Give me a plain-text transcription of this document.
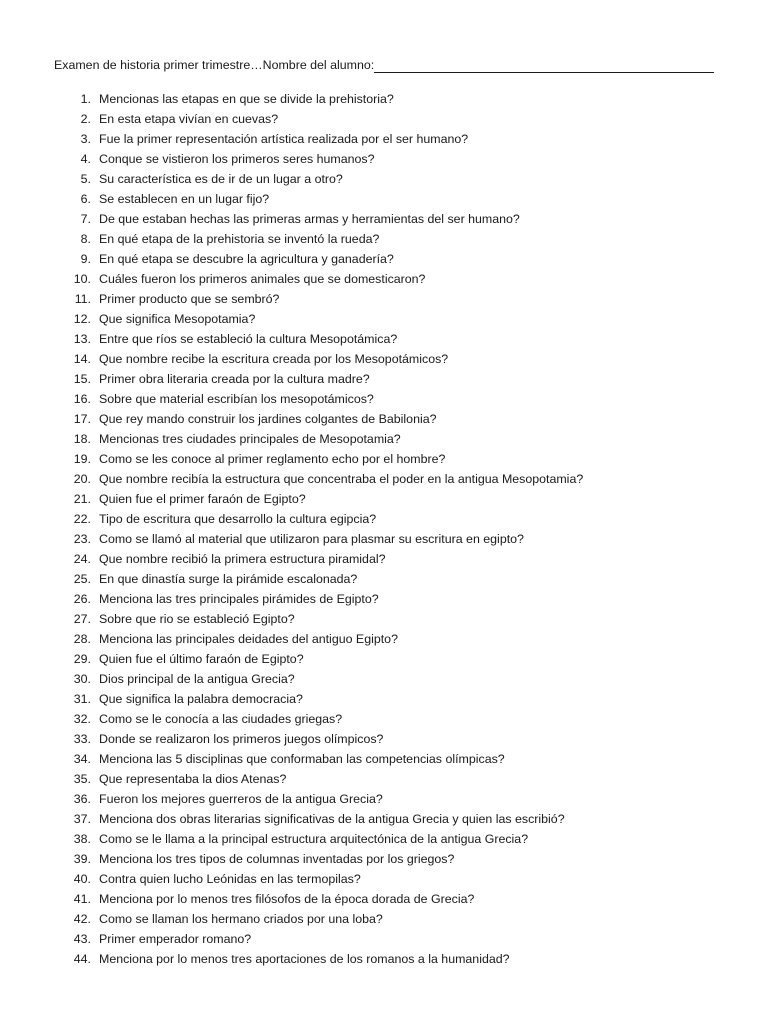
Examen de historia primer trimestre…Nombre del alumno:
1. Mencionas las etapas en que se divide la prehistoria?
2. En esta etapa vivían en cuevas?
3. Fue la primer representación artística realizada por el ser humano?
4. Conque se vistieron los primeros seres humanos?
5. Su característica es de ir de un lugar a otro?
6. Se establecen en un lugar fijo?
7. De que estaban hechas las primeras armas y herramientas del ser humano?
8. En qué etapa de la prehistoria se inventó la rueda?
9. En qué etapa se descubre la agricultura y ganadería?
10. Cuáles fueron los primeros animales que se domesticaron?
11. Primer producto que se sembró?
12. Que significa Mesopotamia?
13. Entre que ríos se estableció la cultura Mesopotámica?
14. Que nombre recibe la escritura creada por los Mesopotámicos?
15. Primer obra literaria creada por la cultura madre?
16. Sobre que material escribían los mesopotámicos?
17. Que rey mando construir los jardines colgantes de Babilonia?
18. Mencionas tres ciudades principales de Mesopotamia?
19. Como se les conoce al primer reglamento echo por el hombre?
20. Que nombre recibía la estructura que concentraba el poder en la antigua Mesopotamia?
21. Quien fue el primer faraón de Egipto?
22. Tipo de escritura que desarrollo la cultura egipcia?
23. Como se llamó al material que utilizaron para plasmar su escritura en egipto?
24. Que nombre recibió la primera estructura piramidal?
25. En que dinastía surge la pirámide escalonada?
26. Menciona las tres principales pirámides de Egipto?
27. Sobre que rio se estableció Egipto?
28. Menciona las principales deidades del antiguo Egipto?
29. Quien fue el último faraón de Egipto?
30. Dios principal de la antigua Grecia?
31. Que significa la palabra democracia?
32. Como se le conocía a las ciudades griegas?
33. Donde se realizaron los primeros juegos olímpicos?
34. Menciona las 5 disciplinas que conformaban las competencias olímpicas?
35. Que representaba la dios Atenas?
36. Fueron los mejores guerreros de la antigua Grecia?
37. Menciona dos obras literarias significativas de la antigua Grecia y quien las escribió?
38. Como se le llama a la principal estructura arquitectónica de la antigua Grecia?
39. Menciona los tres tipos de columnas inventadas por los griegos?
40. Contra quien lucho Leónidas en las termopilas?
41. Menciona por lo menos tres filósofos de la época dorada de Grecia?
42. Como se llaman los hermano criados por una loba?
43. Primer emperador romano?
44. Menciona por lo menos tres aportaciones de los romanos a la humanidad?
